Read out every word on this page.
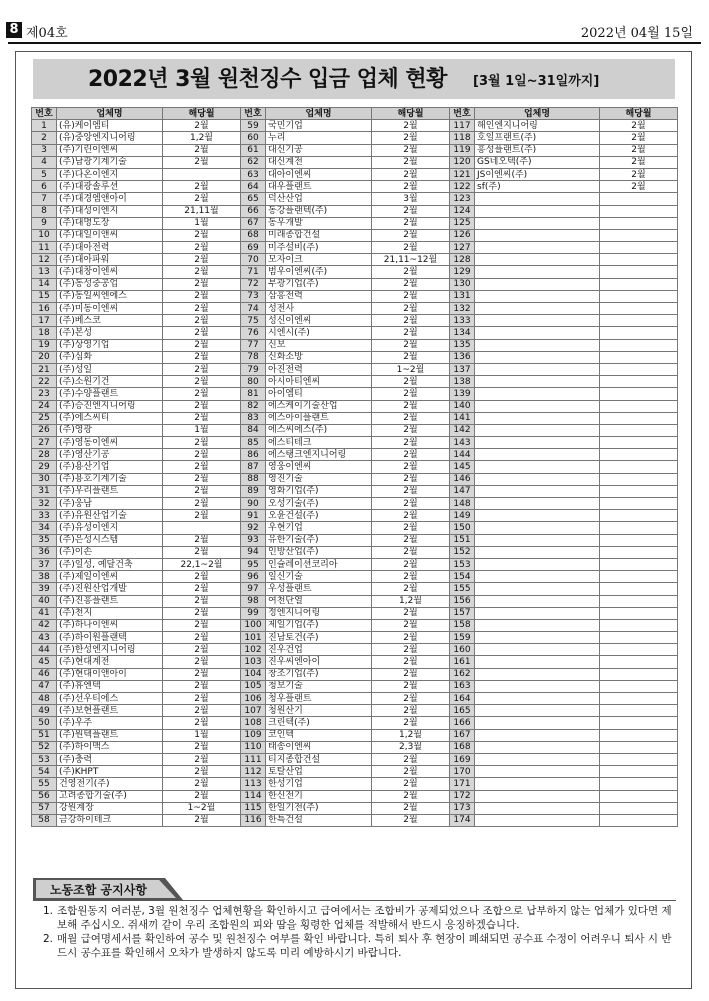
8 제04호	2022년 04월 15일
2022년 3월 원천징수 입금 업체 현황 [3월 1일~31일까지]
번호	업체명	해당월	번호	업체명	해당월	번호	업체명	해당월
1	(유)케이엠티	2월	59	국민기업	2월	117	해인엔지니어링	2월
2	(유)중앙엔지니어링	1,2월	60	누리	2월	118	호일프랜트(주)	2월
3	(주)기린이엔씨	2월	61	대신기공	2월	119	흥성플랜트(주)	2월
4	(주)남광기계기술	2월	62	대신계전	2월	120	GS네오텍(주)	2월
5	(주)다온이엔지		63	대아이엔씨	2월	121	JS이엔씨(주)	2월
6	(주)대광솔루션	2월	64	대우플랜트	2월	122	sf(주)	2월
7	(주)대경엠앤아이	2월	65	덕산산업	3월	123		
8	(주)대성이엔지	21,11월	66	동강플랜텍(주)	2월	124		
9	(주)대명도장	1월	67	동우개발	2월	125		
10	(주)대일이앤씨	2월	68	미래종합건설	2월	126		
11	(주)대아전력	2월	69	미주설비(주)	2월	127		
12	(주)대아파워	2월	70	모자이크	21,11~12월	128		
13	(주)대창이엔씨	2월	71	범우이엔씨(주)	2월	129		
14	(주)동성중공업	2월	72	부광기업(주)	2월	130		
15	(주)동일씨엔에스	2월	73	삼흥전력	2월	131		
16	(주)미동이엔씨	2월	74	성전사	2월	132		
17	(주)베스코	2월	75	성신이엔씨	2월	133		
18	(주)본성	2월	76	시엔시(주)	2월	134		
19	(주)상영기업	2월	77	신보	2월	135		
20	(주)심화	2월	78	신화소방	2월	136		
21	(주)성일	2월	79	아진전력	1~2월	137		
22	(주)소원기건	2월	80	아시아티엔씨	2월	138		
23	(주)수양플랜트	2월	81	아이엠티	2월	139		
24	(주)승진엔지니어링	2월	82	에스케이기술산업	2월	140		
25	(주)에스씨티	2월	83	에스아이플랜트	2월	141		
26	(주)영광	1월	84	에스씨에스(주)	2월	142		
27	(주)영동이엔씨	2월	85	에스티테크	2월	143		
28	(주)영산기공	2월	86	에스탱크엔지니어링	2월	144		
29	(주)용산기업	2월	87	영웅이엔씨	2월	145		
30	(주)용호기계기술	2월	88	영진기술	2월	146		
31	(주)우리플랜트	2월	89	영화기업(주)	2월	147		
32	(주)웅남	2월	90	오성기술(주)	2월	148		
33	(주)유원산업기술	2월	91	오윤건설(주)	2월	149		
34	(주)유성이엔지		92	우현기업	2월	150		
35	(주)은성시스템	2월	93	유한기술(주)	2월	151		
36	(주)이손	2월	94	인방산업(주)	2월	152		
37	(주)일성, 예달건축	22,1~2월	95	인슐레이션코리아	2월	153		
38	(주)제일이엔씨	2월	96	일신기술	2월	154		
39	(주)진원산업개발	2월	97	우성플랜트	2월	155		
40	(주)진흥플랜트	2월	98	여천단열	1,2월	156		
41	(주)천지	2월	99	정엔지니어링	2월	157		
42	(주)하나이엔씨	2월	100	제일기업(주)	2월	158		
43	(주)하이원플랜텍	2월	101	진남토건(주)	2월	159		
44	(주)한성엔지니어링	2월	102	진우건업	2월	160		
45	(주)현대계전	2월	103	진우씨엔아이	2월	161		
46	(주)현대이앤아이	2월	104	창조기업(주)	2월	162		
47	(주)휴엔텍	2월	105	청보기술	2월	163		
48	(주)선우티에스	2월	106	청우플랜트	2월	164		
49	(주)보현플랜트	2월	107	청원산기	2월	165		
50	(주)우주	2월	108	크린텍(주)	2월	166		
51	(주)원텍플랜트	1월	109	코인텍	1,2월	167		
52	(주)하이맥스	2월	110	태송이엔씨	2,3월	168		
53	(주)충력	2월	111	티지종합건설	2월	169		
54	(주)KHPT	2월	112	토탈산업	2월	170		
55	건영전기(주)	2월	113	한성기업	2월	171		
56	고려종합기술(주)	2월	114	한신전기	2월	172		
57	강원계장	1~2월	115	한일기전(주)	2월	173		
58	금강하이테크	2월	116	한특건설	2월	174		
노동조합 공지사항

1. 조합원동지 여러분, 3월 원천징수 업체현황을 확인하시고 급여에서는 조합비가 공제되었으나 조합으로 납부하지 않는 업체가 있다면 제보해 주십시오. 쥐새끼 같이 우리 조합원의 피와 땀을 횡령한 업체를 적발해서 반드시 응징하겠습니다.

2. 매월 급여명세서를 확인하여 공수 및 원천징수 여부를 확인 바랍니다. 특히 퇴사 후 현장이 폐쇄되면 공수표 수정이 어려우니 퇴사 시 반드시 공수표를 확인해서 오차가 발생하지 않도록 미리 예방하시기 바랍니다.
